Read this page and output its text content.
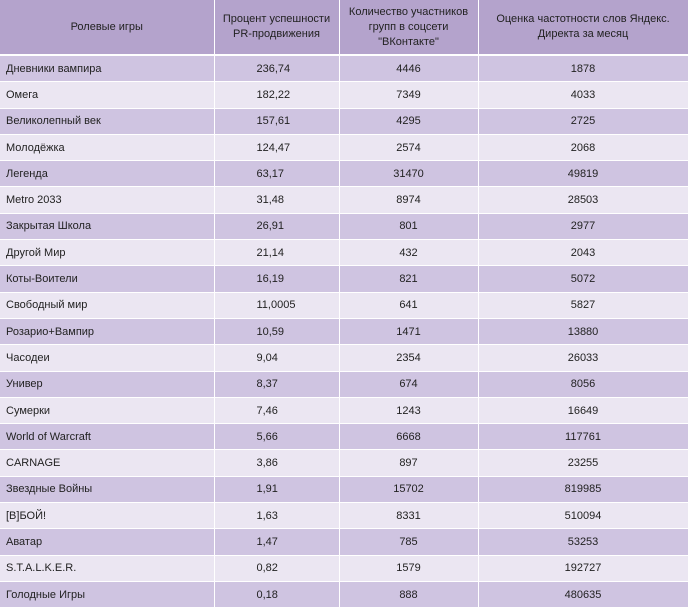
Ролевые игры	Процент успешности PR-продвижения	Количество участников групп в соцсети "ВКонтакте"	Оценка частотности слов Яндекс. Директа за месяц
Дневники вампира	236,74	4446	1878
Омега	182,22	7349	4033
Великолепный век	157,61	4295	2725
Молодёжка	124,47	2574	2068
Легенда	63,17	31470	49819
Metro 2033	31,48	8974	28503
Закрытая Школа	26,91	801	2977
Другой Мир	21,14	432	2043
Коты-Воители	16,19	821	5072
Свободный мир	11,0005	641	5827
Розарио+Вампир	10,59	1471	13880
Часодеи	9,04	2354	26033
Универ	8,37	674	8056
Сумерки	7,46	1243	16649
World of Warcraft	5,66	6668	117761
CARNAGE	3,86	897	23255
Звездные Войны	1,91	15702	819985
[В]БОЙ!	1,63	8331	510094
Аватар	1,47	785	53253
S.T.A.L.K.E.R.	0,82	1579	192727
Голодные Игры	0,18	888	480635
